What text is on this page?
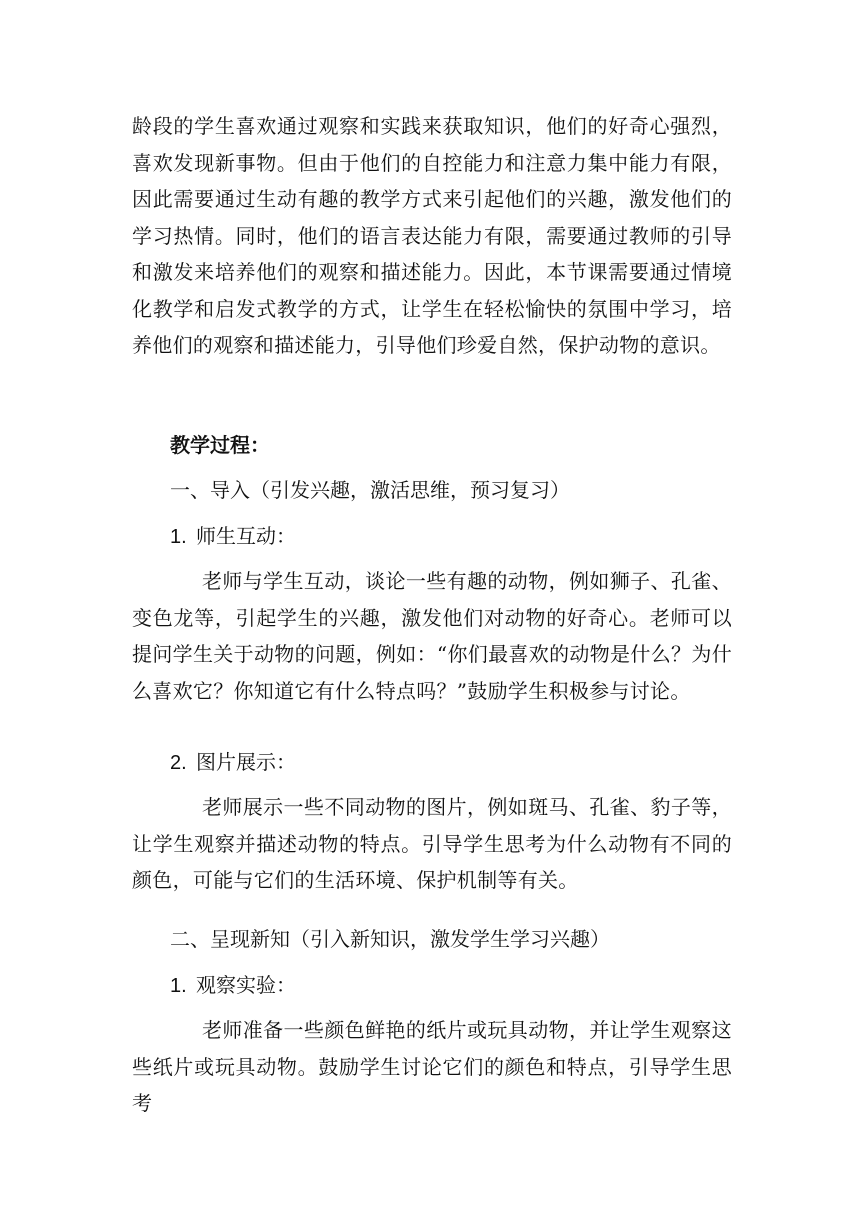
龄段的学生喜欢通过观察和实践来获取知识，他们的好奇心强烈，喜欢发现新事物。但由于他们的自控能力和注意力集中能力有限，因此需要通过生动有趣的教学方式来引起他们的兴趣，激发他们的学习热情。同时，他们的语言表达能力有限，需要通过教师的引导和激发来培养他们的观察和描述能力。因此，本节课需要通过情境化教学和启发式教学的方式，让学生在轻松愉快的氛围中学习，培养他们的观察和描述能力，引导他们珍爱自然，保护动物的意识。

教学过程：

一、导入（引发兴趣，激活思维，预习复习）

1. 师生互动：

老师与学生互动，谈论一些有趣的动物，例如狮子、孔雀、变色龙等，引起学生的兴趣，激发他们对动物的好奇心。老师可以提问学生关于动物的问题，例如：“你们最喜欢的动物是什么？为什么喜欢它？你知道它有什么特点吗？”鼓励学生积极参与讨论。

2. 图片展示：

老师展示一些不同动物的图片，例如斑马、孔雀、豹子等，让学生观察并描述动物的特点。引导学生思考为什么动物有不同的颜色，可能与它们的生活环境、保护机制等有关。

二、呈现新知（引入新知识，激发学生学习兴趣）

1. 观察实验：

老师准备一些颜色鲜艳的纸片或玩具动物，并让学生观察这些纸片或玩具动物。鼓励学生讨论它们的颜色和特点，引导学生思考
